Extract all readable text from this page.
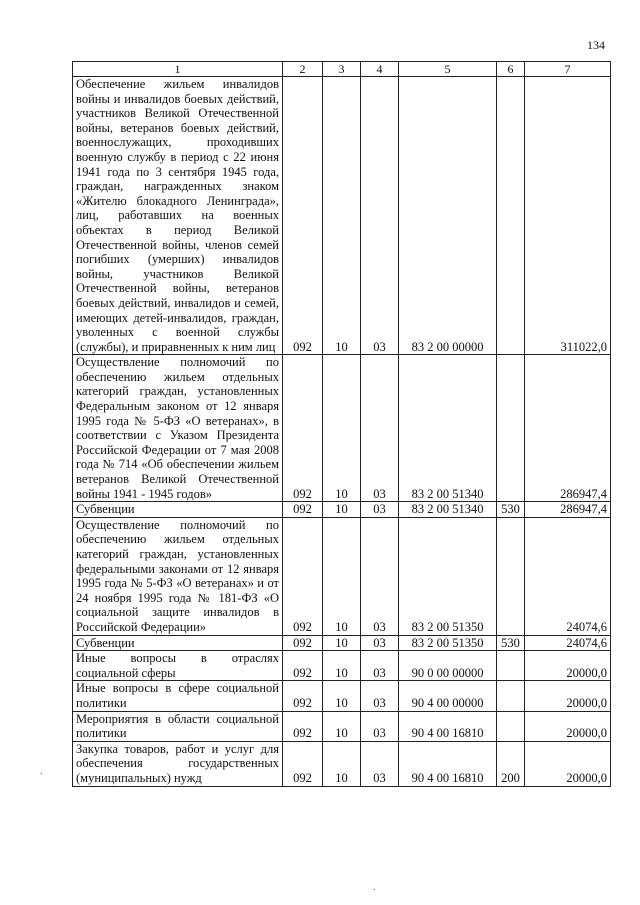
134
1	2	3	4	5	6	7
Обеспечение жильем инвалидов войны и инвалидов боевых действий, участников Великой Отечественной войны, ветеранов боевых действий, военнослужащих, проходивших военную службу в период с 22 июня 1941 года по 3 сентября 1945 года, граждан, награжденных знаком «Жителю блокадного Ленинграда», лиц, работавших на военных объектах в период Великой Отечественной войны, членов семей погибших (умерших) инвалидов войны, участников Великой Отечественной войны, ветеранов боевых действий, инвалидов и семей, имеющих детей-инвалидов, граждан, уволенных с военной службы (службы), и приравненных к ним лиц	092	10	03	83 2 00 00000		311022,0
Осуществление полномочий по обеспечению жильем отдельных категорий граждан, установленных Федеральным законом от 12 января 1995 года № 5-ФЗ «О ветеранах», в соответствии с Указом Президента Российской Федерации от 7 мая 2008 года № 714 «Об обеспечении жильем ветеранов Великой Отечественной войны 1941 - 1945 годов»	092	10	03	83 2 00 51340		286947,4
Субвенции	092	10	03	83 2 00 51340	530	286947,4
Осуществление полномочий по обеспечению жильем отдельных категорий граждан, установленных федеральными законами от 12 января 1995 года № 5-ФЗ «О ветеранах» и от 24 ноября 1995 года № 181-ФЗ «О социальной защите инвалидов в Российской Федерации»	092	10	03	83 2 00 51350		24074,6
Субвенции	092	10	03	83 2 00 51350	530	24074,6
Иные вопросы в отраслях социальной сферы	092	10	03	90 0 00 00000		20000,0
Иные вопросы в сфере социальной политики	092	10	03	90 4 00 00000		20000,0
Мероприятия в области социальной политики	092	10	03	90 4 00 16810		20000,0
Закупка товаров, работ и услуг для обеспечения государственных (муниципальных) нужд	092	10	03	90 4 00 16810	200	20000,0
.
.
